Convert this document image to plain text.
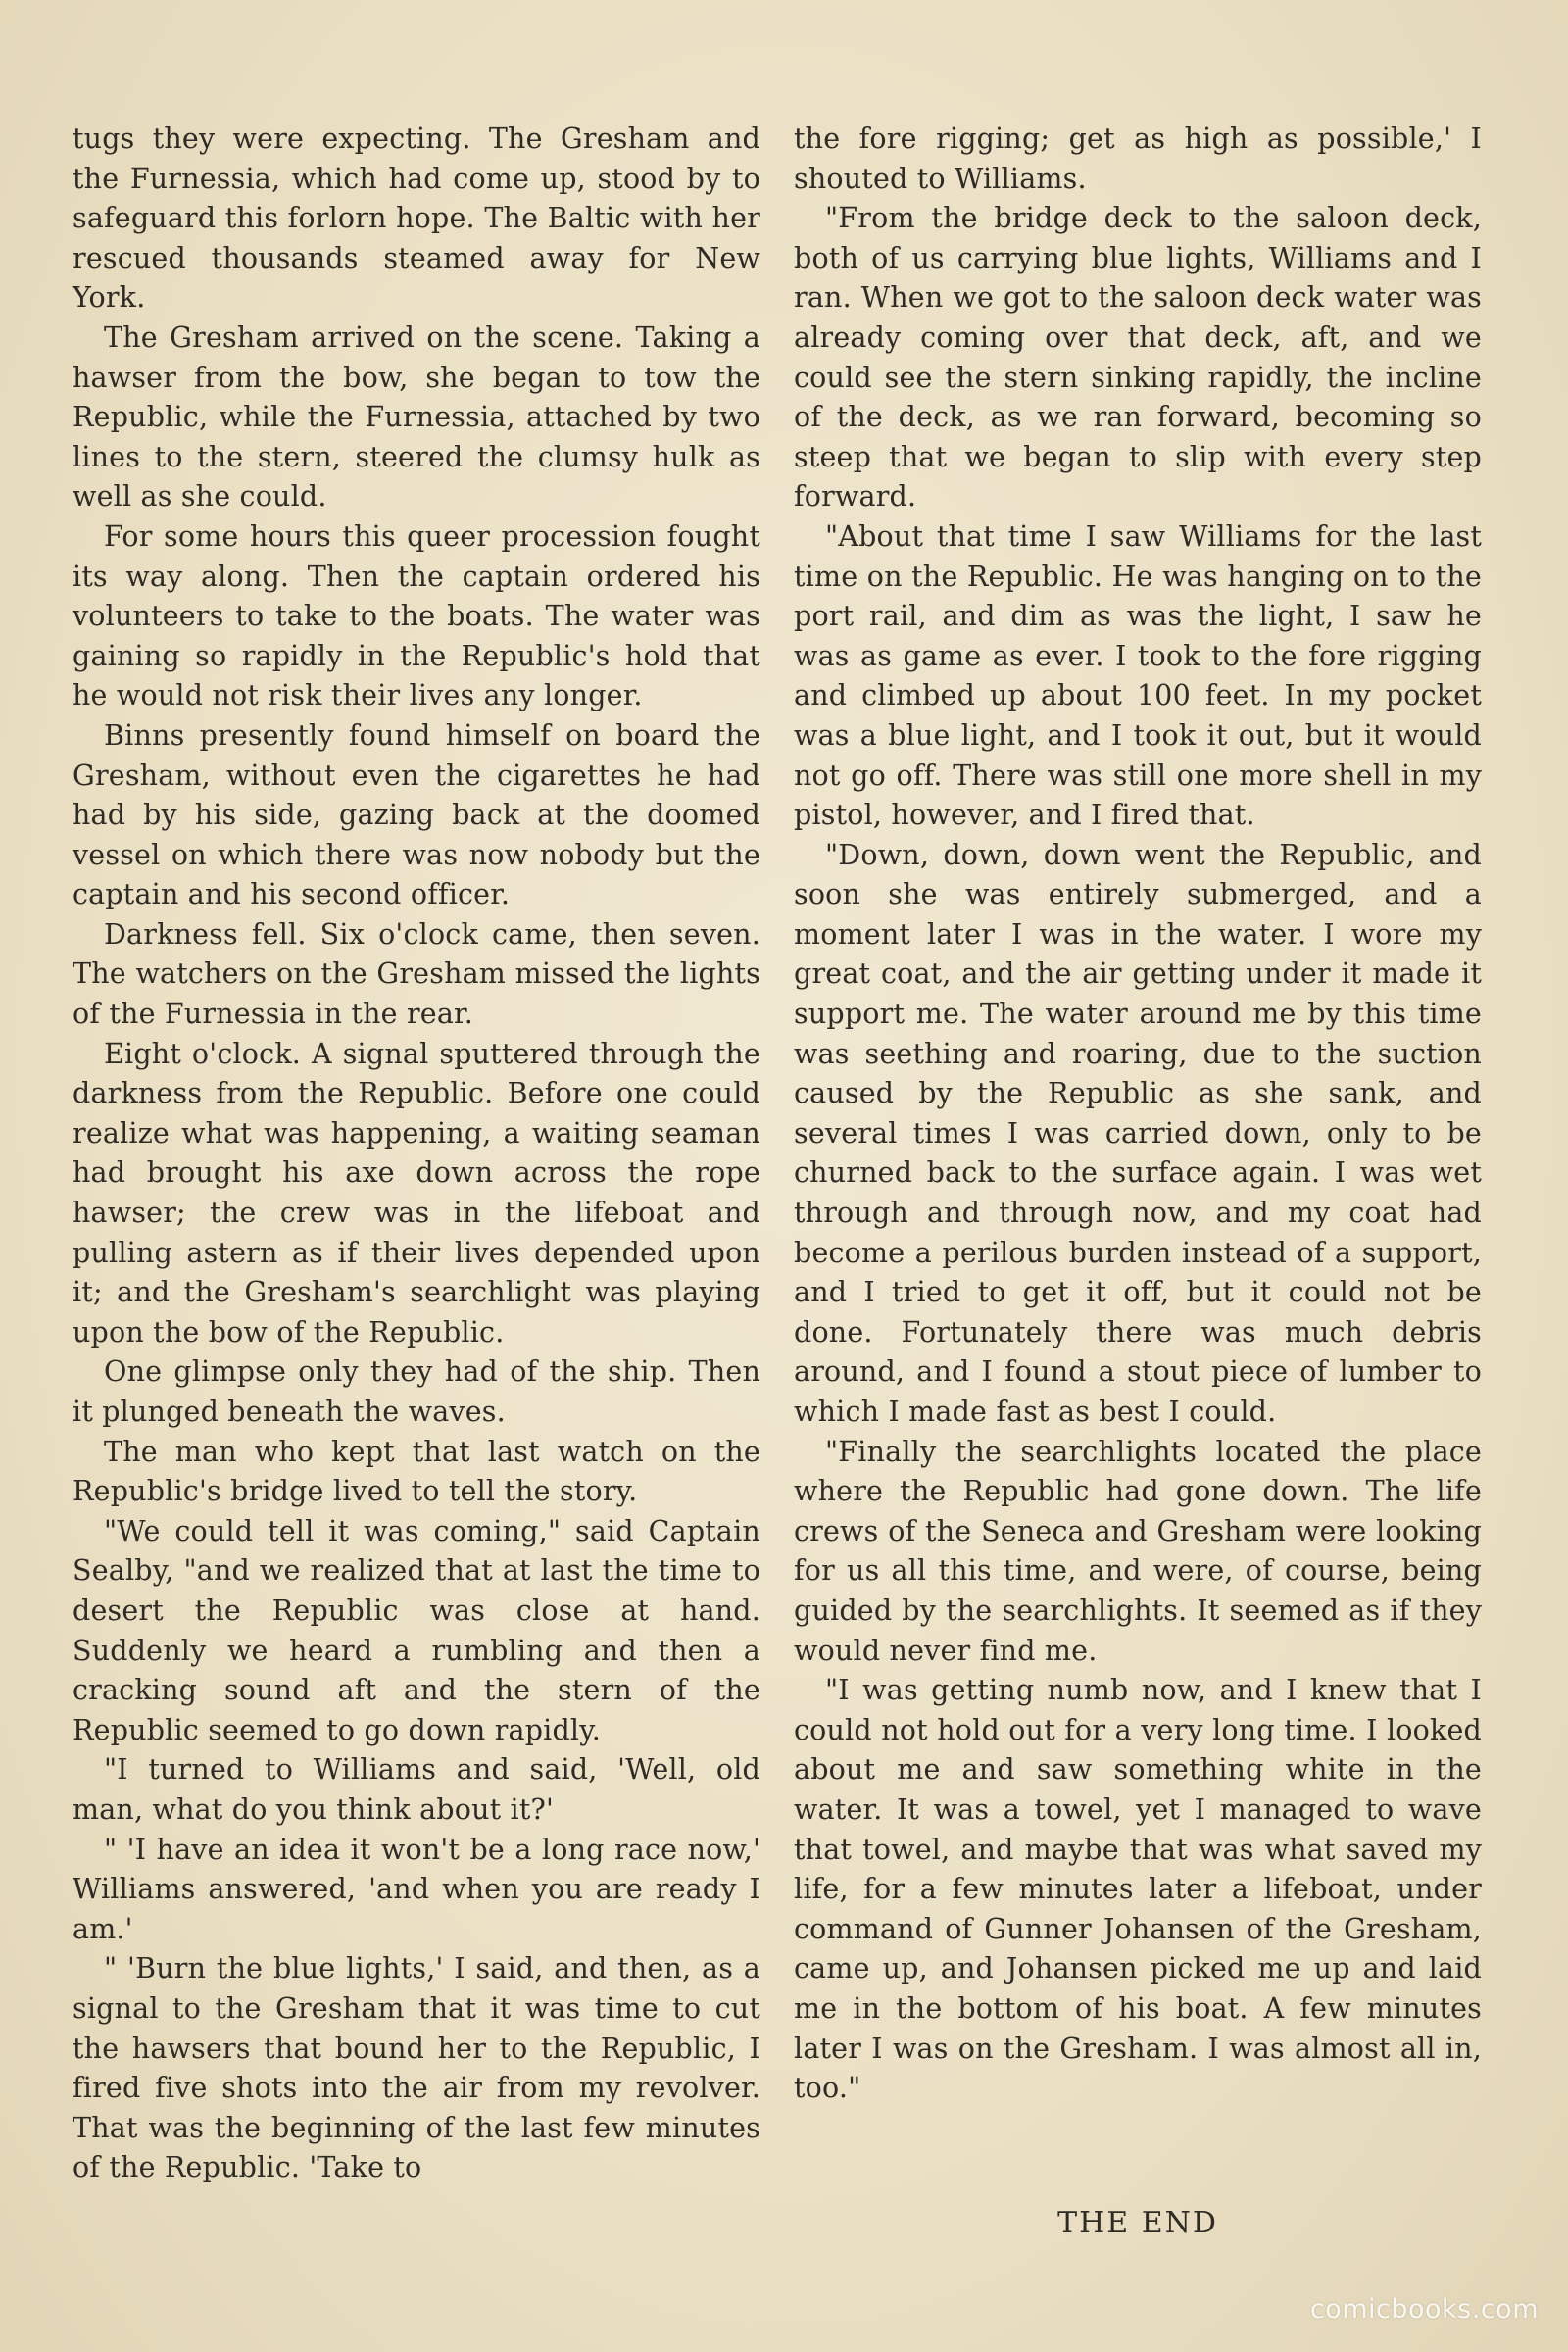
tugs they were expecting. The Gresham and the Furnessia, which had come up, stood by to safeguard this forlorn hope. The Baltic with her rescued thousands steamed away for New York.

The Gresham arrived on the scene. Taking a hawser from the bow, she began to tow the Republic, while the Furnessia, attached by two lines to the stern, steered the clumsy hulk as well as she could.

For some hours this queer procession fought its way along. Then the captain ordered his volunteers to take to the boats. The water was gaining so rapidly in the Republic's hold that he would not risk their lives any longer.

Binns presently found himself on board the Gresham, without even the cigarettes he had had by his side, gazing back at the doomed vessel on which there was now nobody but the captain and his second officer.

Darkness fell. Six o'clock came, then seven. The watchers on the Gresham missed the lights of the Furnessia in the rear.

Eight o'clock. A signal sputtered through the darkness from the Republic. Before one could realize what was happening, a waiting seaman had brought his axe down across the rope hawser; the crew was in the lifeboat and pulling astern as if their lives depended upon it; and the Gresham's searchlight was playing upon the bow of the Republic.

One glimpse only they had of the ship. Then it plunged beneath the waves.

The man who kept that last watch on the Republic's bridge lived to tell the story.

"We could tell it was coming," said Captain Sealby, "and we realized that at last the time to desert the Republic was close at hand. Suddenly we heard a rumbling and then a cracking sound aft and the stern of the Republic seemed to go down rapidly.

"I turned to Williams and said, 'Well, old man, what do you think about it?'

" 'I have an idea it won't be a long race now,' Williams answered, 'and when you are ready I am.'

" 'Burn the blue lights,' I said, and then, as a signal to the Gresham that it was time to cut the hawsers that bound her to the Republic, I fired five shots into the air from my revolver. That was the beginning of the last few minutes of the Republic. 'Take to

the fore rigging; get as high as possible,' I shouted to Williams.

"From the bridge deck to the saloon deck, both of us carrying blue lights, Williams and I ran. When we got to the saloon deck water was already coming over that deck, aft, and we could see the stern sinking rapidly, the incline of the deck, as we ran forward, becoming so steep that we began to slip with every step forward.

"About that time I saw Williams for the last time on the Republic. He was hanging on to the port rail, and dim as was the light, I saw he was as game as ever. I took to the fore rigging and climbed up about 100 feet. In my pocket was a blue light, and I took it out, but it would not go off. There was still one more shell in my pistol, however, and I fired that.

"Down, down, down went the Republic, and soon she was entirely submerged, and a moment later I was in the water. I wore my great coat, and the air getting under it made it support me. The water around me by this time was seething and roaring, due to the suction caused by the Republic as she sank, and several times I was carried down, only to be churned back to the surface again. I was wet through and through now, and my coat had become a perilous burden instead of a support, and I tried to get it off, but it could not be done. Fortunately there was much debris around, and I found a stout piece of lumber to which I made fast as best I could.

"Finally the searchlights located the place where the Republic had gone down. The life crews of the Seneca and Gresham were looking for us all this time, and were, of course, being guided by the searchlights. It seemed as if they would never find me.

"I was getting numb now, and I knew that I could not hold out for a very long time. I looked about me and saw something white in the water. It was a towel, yet I managed to wave that towel, and maybe that was what saved my life, for a few minutes later a lifeboat, under command of Gunner Johansen of the Gresham, came up, and Johansen picked me up and laid me in the bottom of his boat. A few minutes later I was on the Gresham. I was almost all in, too."

THE END
comicbooks.com
